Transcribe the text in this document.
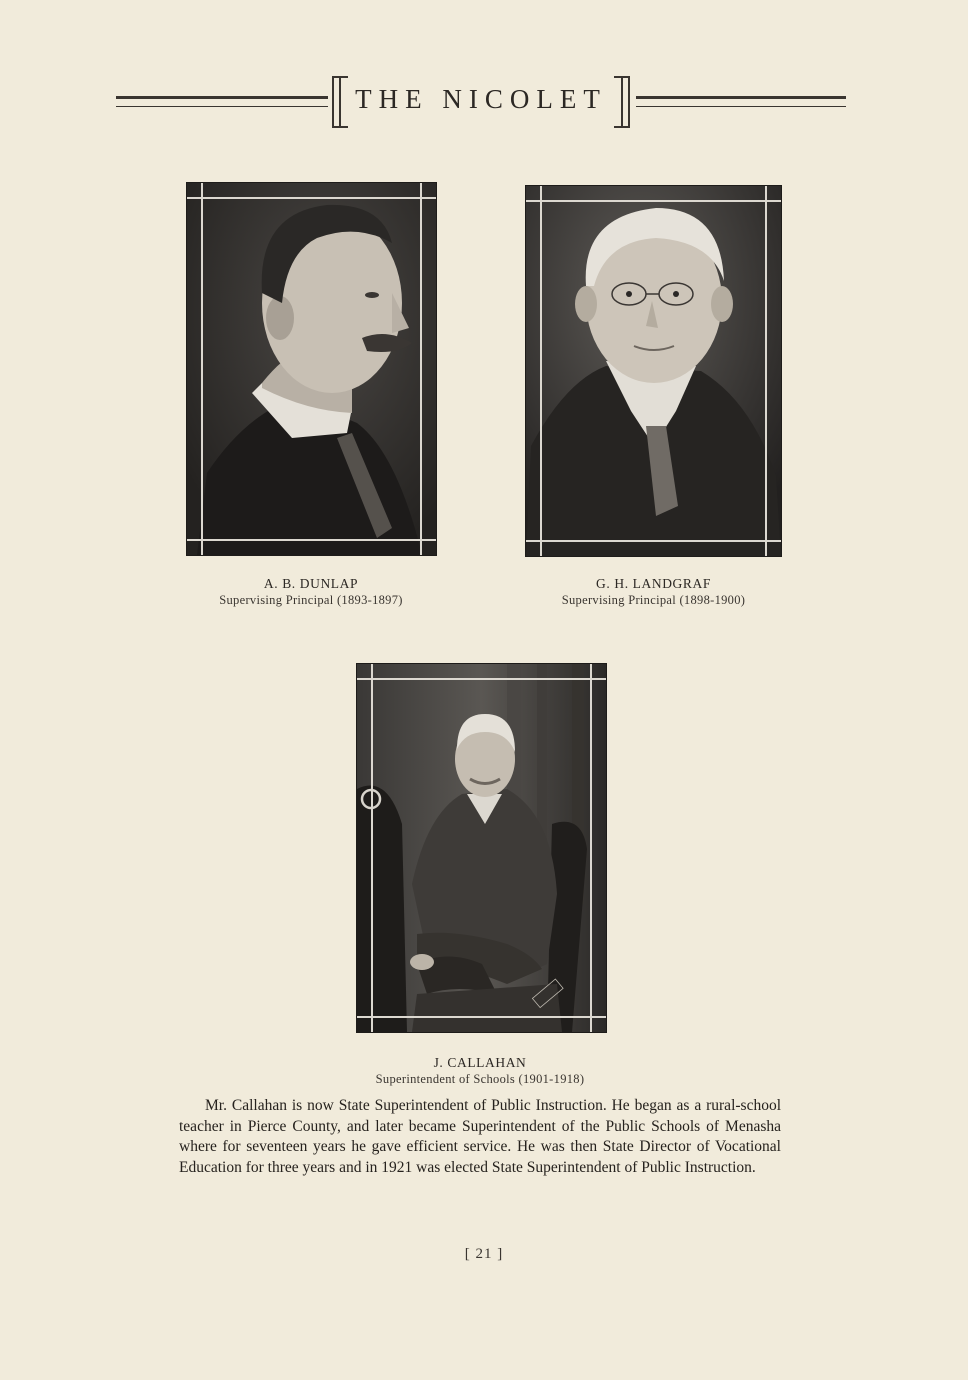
THE NICOLET
A. B. DUNLAP
Supervising Principal (1893-1897)
G. H. LANDGRAF
Supervising Principal (1898-1900)
J. CALLAHAN
Superintendent of Schools (1901-1918)

Mr. Callahan is now State Superintendent of Public Instruction. He began as a rural-school teacher in Pierce County, and later became Superintendent of the Public Schools of Menasha where for seventeen years he gave efficient service. He was then State Director of Vocational Education for three years and in 1921 was elected State Superintendent of Public Instruction.

[ 21 ]
